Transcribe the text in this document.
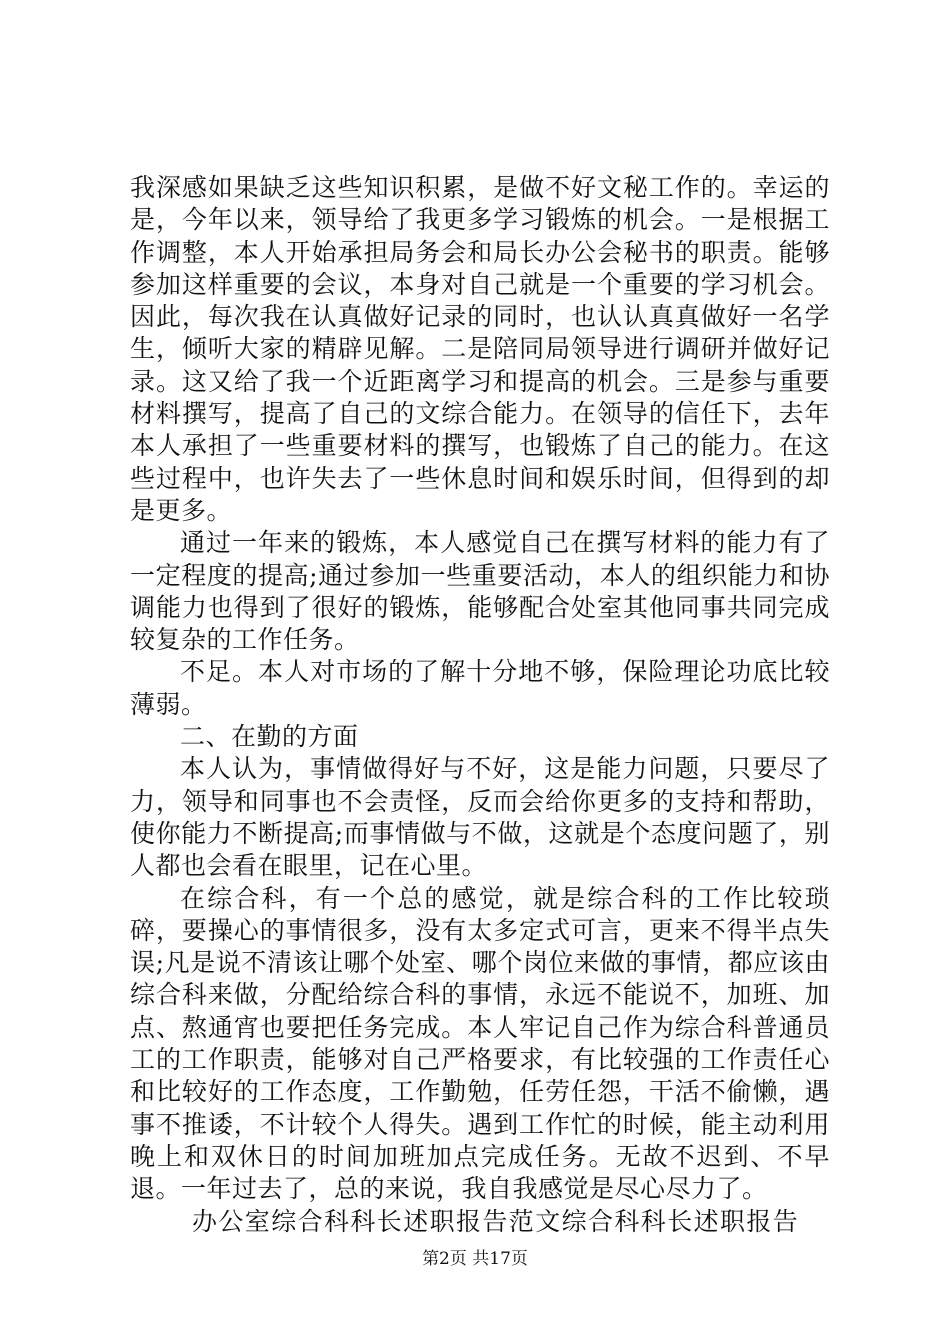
我深感如果缺乏这些知识积累，是做不好文秘工作的。幸运的是，今年以来，领导给了我更多学习锻炼的机会。一是根据工作调整，本人开始承担局务会和局长办公会秘书的职责。能够参加这样重要的会议，本身对自己就是一个重要的学习机会。因此，每次我在认真做好记录的同时，也认认真真做好一名学生，倾听大家的精辟见解。二是陪同局领导进行调研并做好记录。这又给了我一个近距离学习和提高的机会。三是参与重要材料撰写，提高了自己的文综合能力。在领导的信任下，去年本人承担了一些重要材料的撰写，也锻炼了自己的能力。在这些过程中，也许失去了一些休息时间和娱乐时间，但得到的却是更多。

通过一年来的锻炼，本人感觉自己在撰写材料的能力有了一定程度的提高;通过参加一些重要活动，本人的组织能力和协调能力也得到了很好的锻炼，能够配合处室其他同事共同完成较复杂的工作任务。

不足。本人对市场的了解十分地不够，保险理论功底比较薄弱。

二、在勤的方面

本人认为，事情做得好与不好，这是能力问题，只要尽了力，领导和同事也不会责怪，反而会给你更多的支持和帮助，使你能力不断提高;而事情做与不做，这就是个态度问题了，别人都也会看在眼里，记在心里。

在综合科，有一个总的感觉，就是综合科的工作比较琐碎，要操心的事情很多，没有太多定式可言，更来不得半点失误;凡是说不清该让哪个处室、哪个岗位来做的事情，都应该由综合科来做，分配给综合科的事情，永远不能说不，加班、加点、熬通宵也要把任务完成。本人牢记自己作为综合科普通员工的工作职责，能够对自己严格要求，有比较强的工作责任心和比较好的工作态度，工作勤勉，任劳任怨，干活不偷懒，遇事不推诿，不计较个人得失。遇到工作忙的时候，能主动利用晚上和双休日的时间加班加点完成任务。无故不迟到、不早退。一年过去了，总的来说，我自我感觉是尽心尽力了。

办公室综合科科长述职报告范文综合科科长述职报告

第2页 共17页
